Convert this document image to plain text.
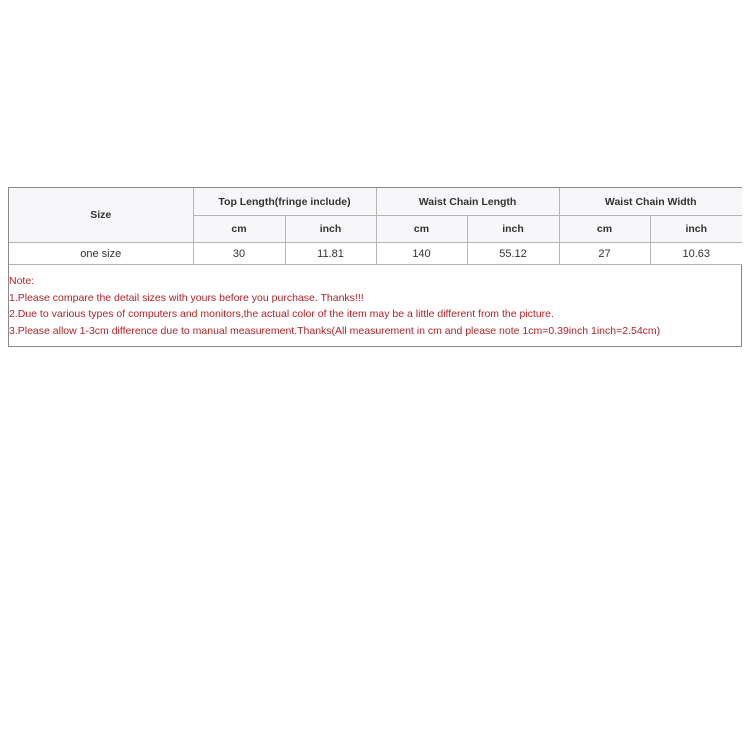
Size	Top Length(fringe include)		Waist Chain Length		Waist Chain Width	
	cm	inch	cm	inch	cm	inch
one size	30	11.81	140	55.12	27	10.63
Note:
1.Please compare the detail sizes with yours before you purchase. Thanks!!!
2.Due to various types of computers and monitors,the actual color of the item may be a little different from the picture.
3.Please allow 1-3cm difference due to manual measurement.Thanks(All measurement in cm and please note 1cm=0.39inch 1inch=2.54cm)
